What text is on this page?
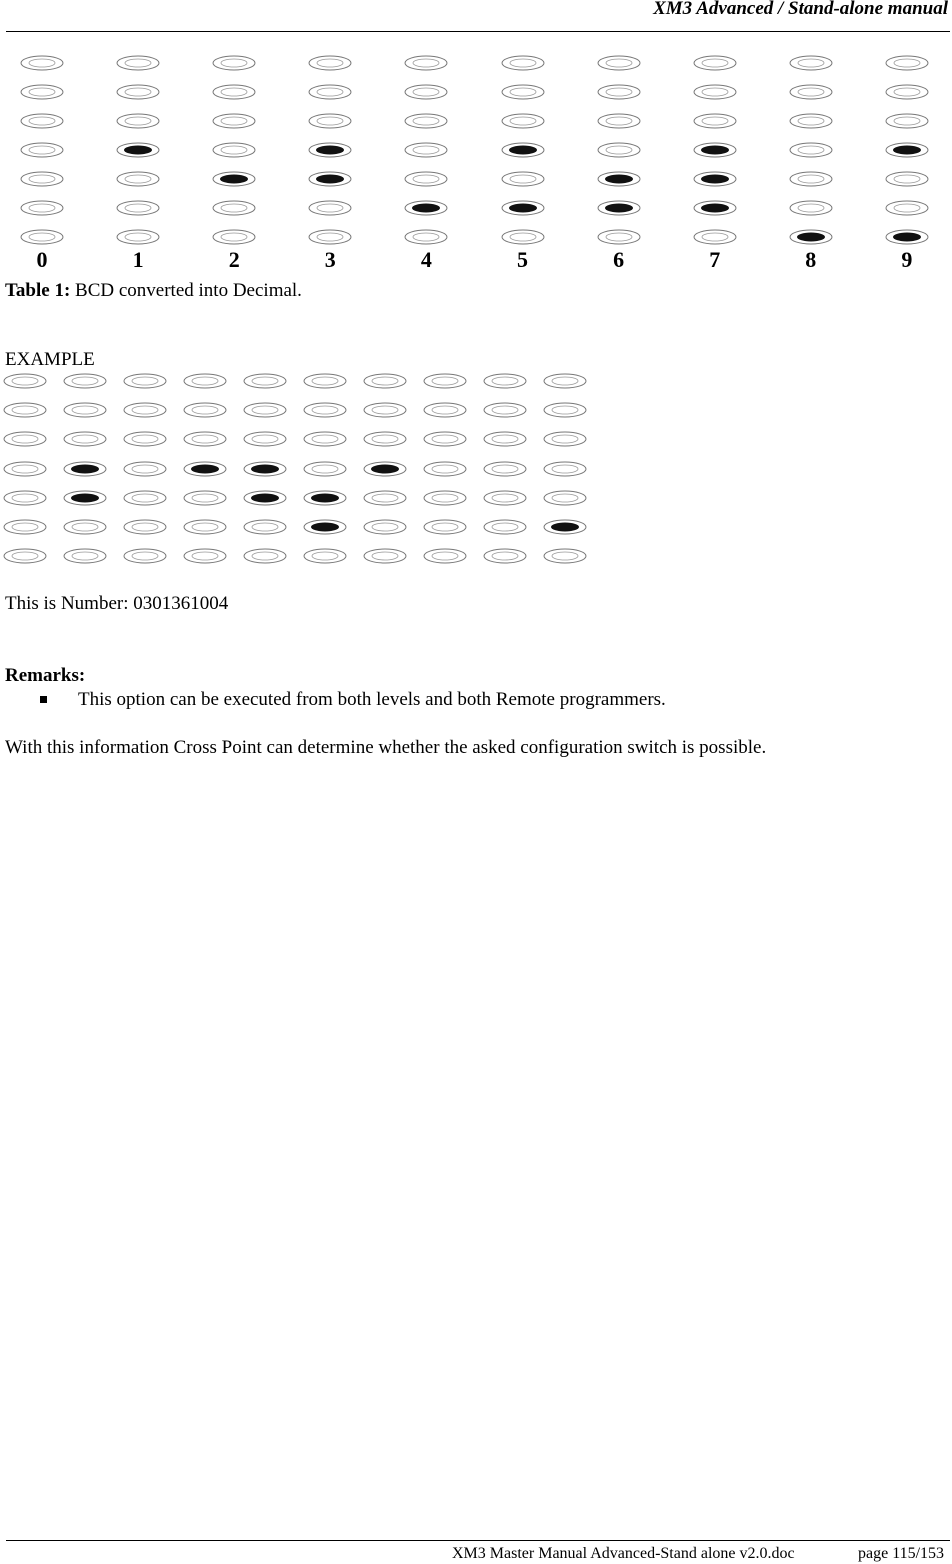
XM3 Advanced / Stand-alone manual
0	1	2	3	4	5	6	7	8	9
Table 1: BCD converted into Decimal.
EXAMPLE
This is Number: 0301361004
Remarks:
This option can be executed from both levels and both Remote programmers.
With this information Cross Point can determine whether the asked configuration switch is possible.
XM3 Master Manual Advanced-Stand alone v2.0.doc	page 115/153
